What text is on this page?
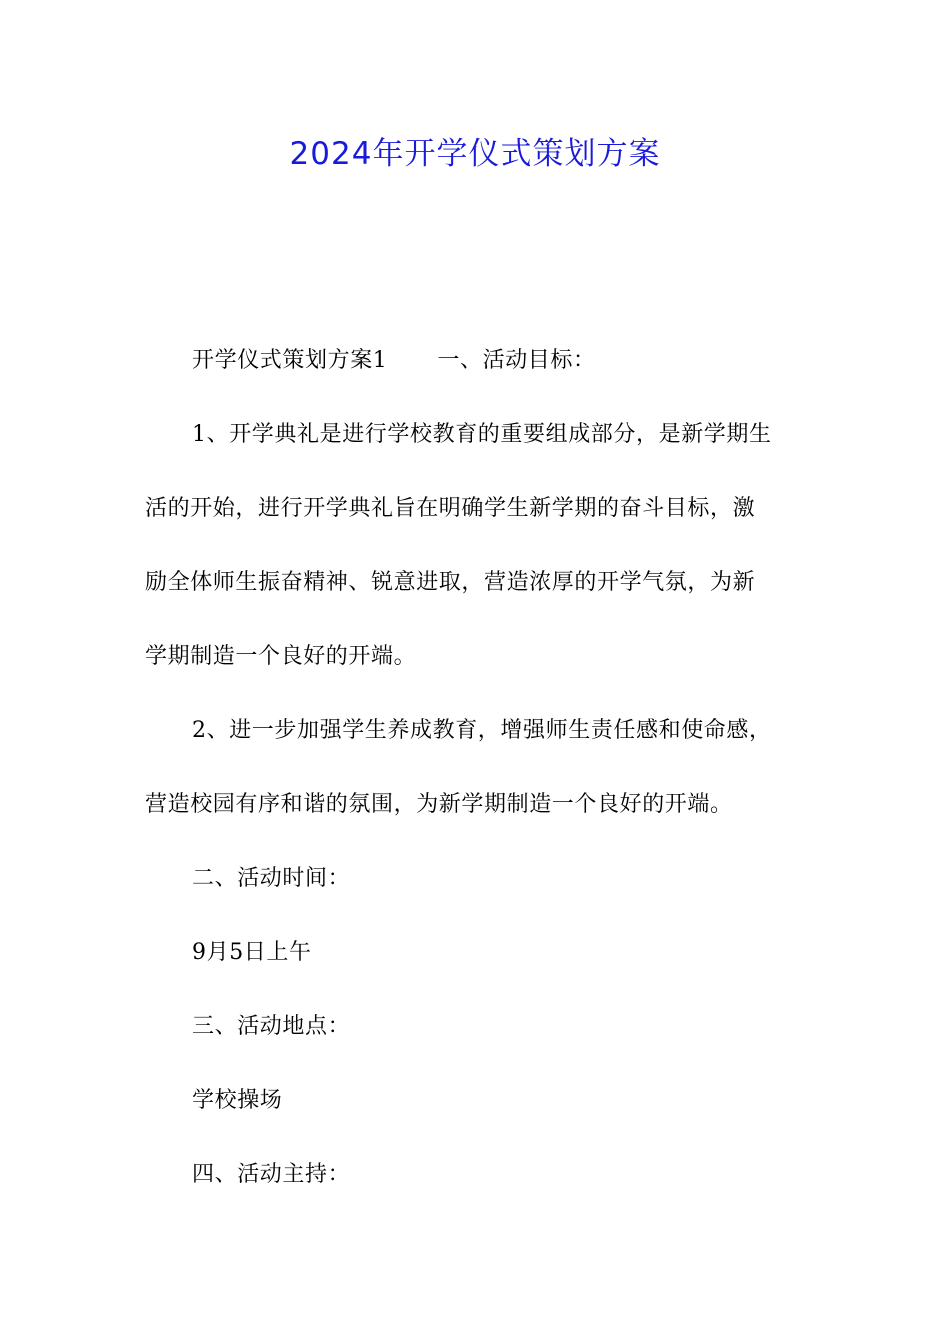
2024年开学仪式策划方案
开学仪式策划方案1 一、活动目标：
1、开学典礼是进行学校教育的重要组成部分，是新学期生
活的开始，进行开学典礼旨在明确学生新学期的奋斗目标，激
励全体师生振奋精神、锐意进取，营造浓厚的开学气氛，为新
学期制造一个良好的开端。
2、进一步加强学生养成教育，增强师生责任感和使命感，
营造校园有序和谐的氛围，为新学期制造一个良好的开端。
二、活动时间：
9月5日上午
三、活动地点：
学校操场
四、活动主持：
